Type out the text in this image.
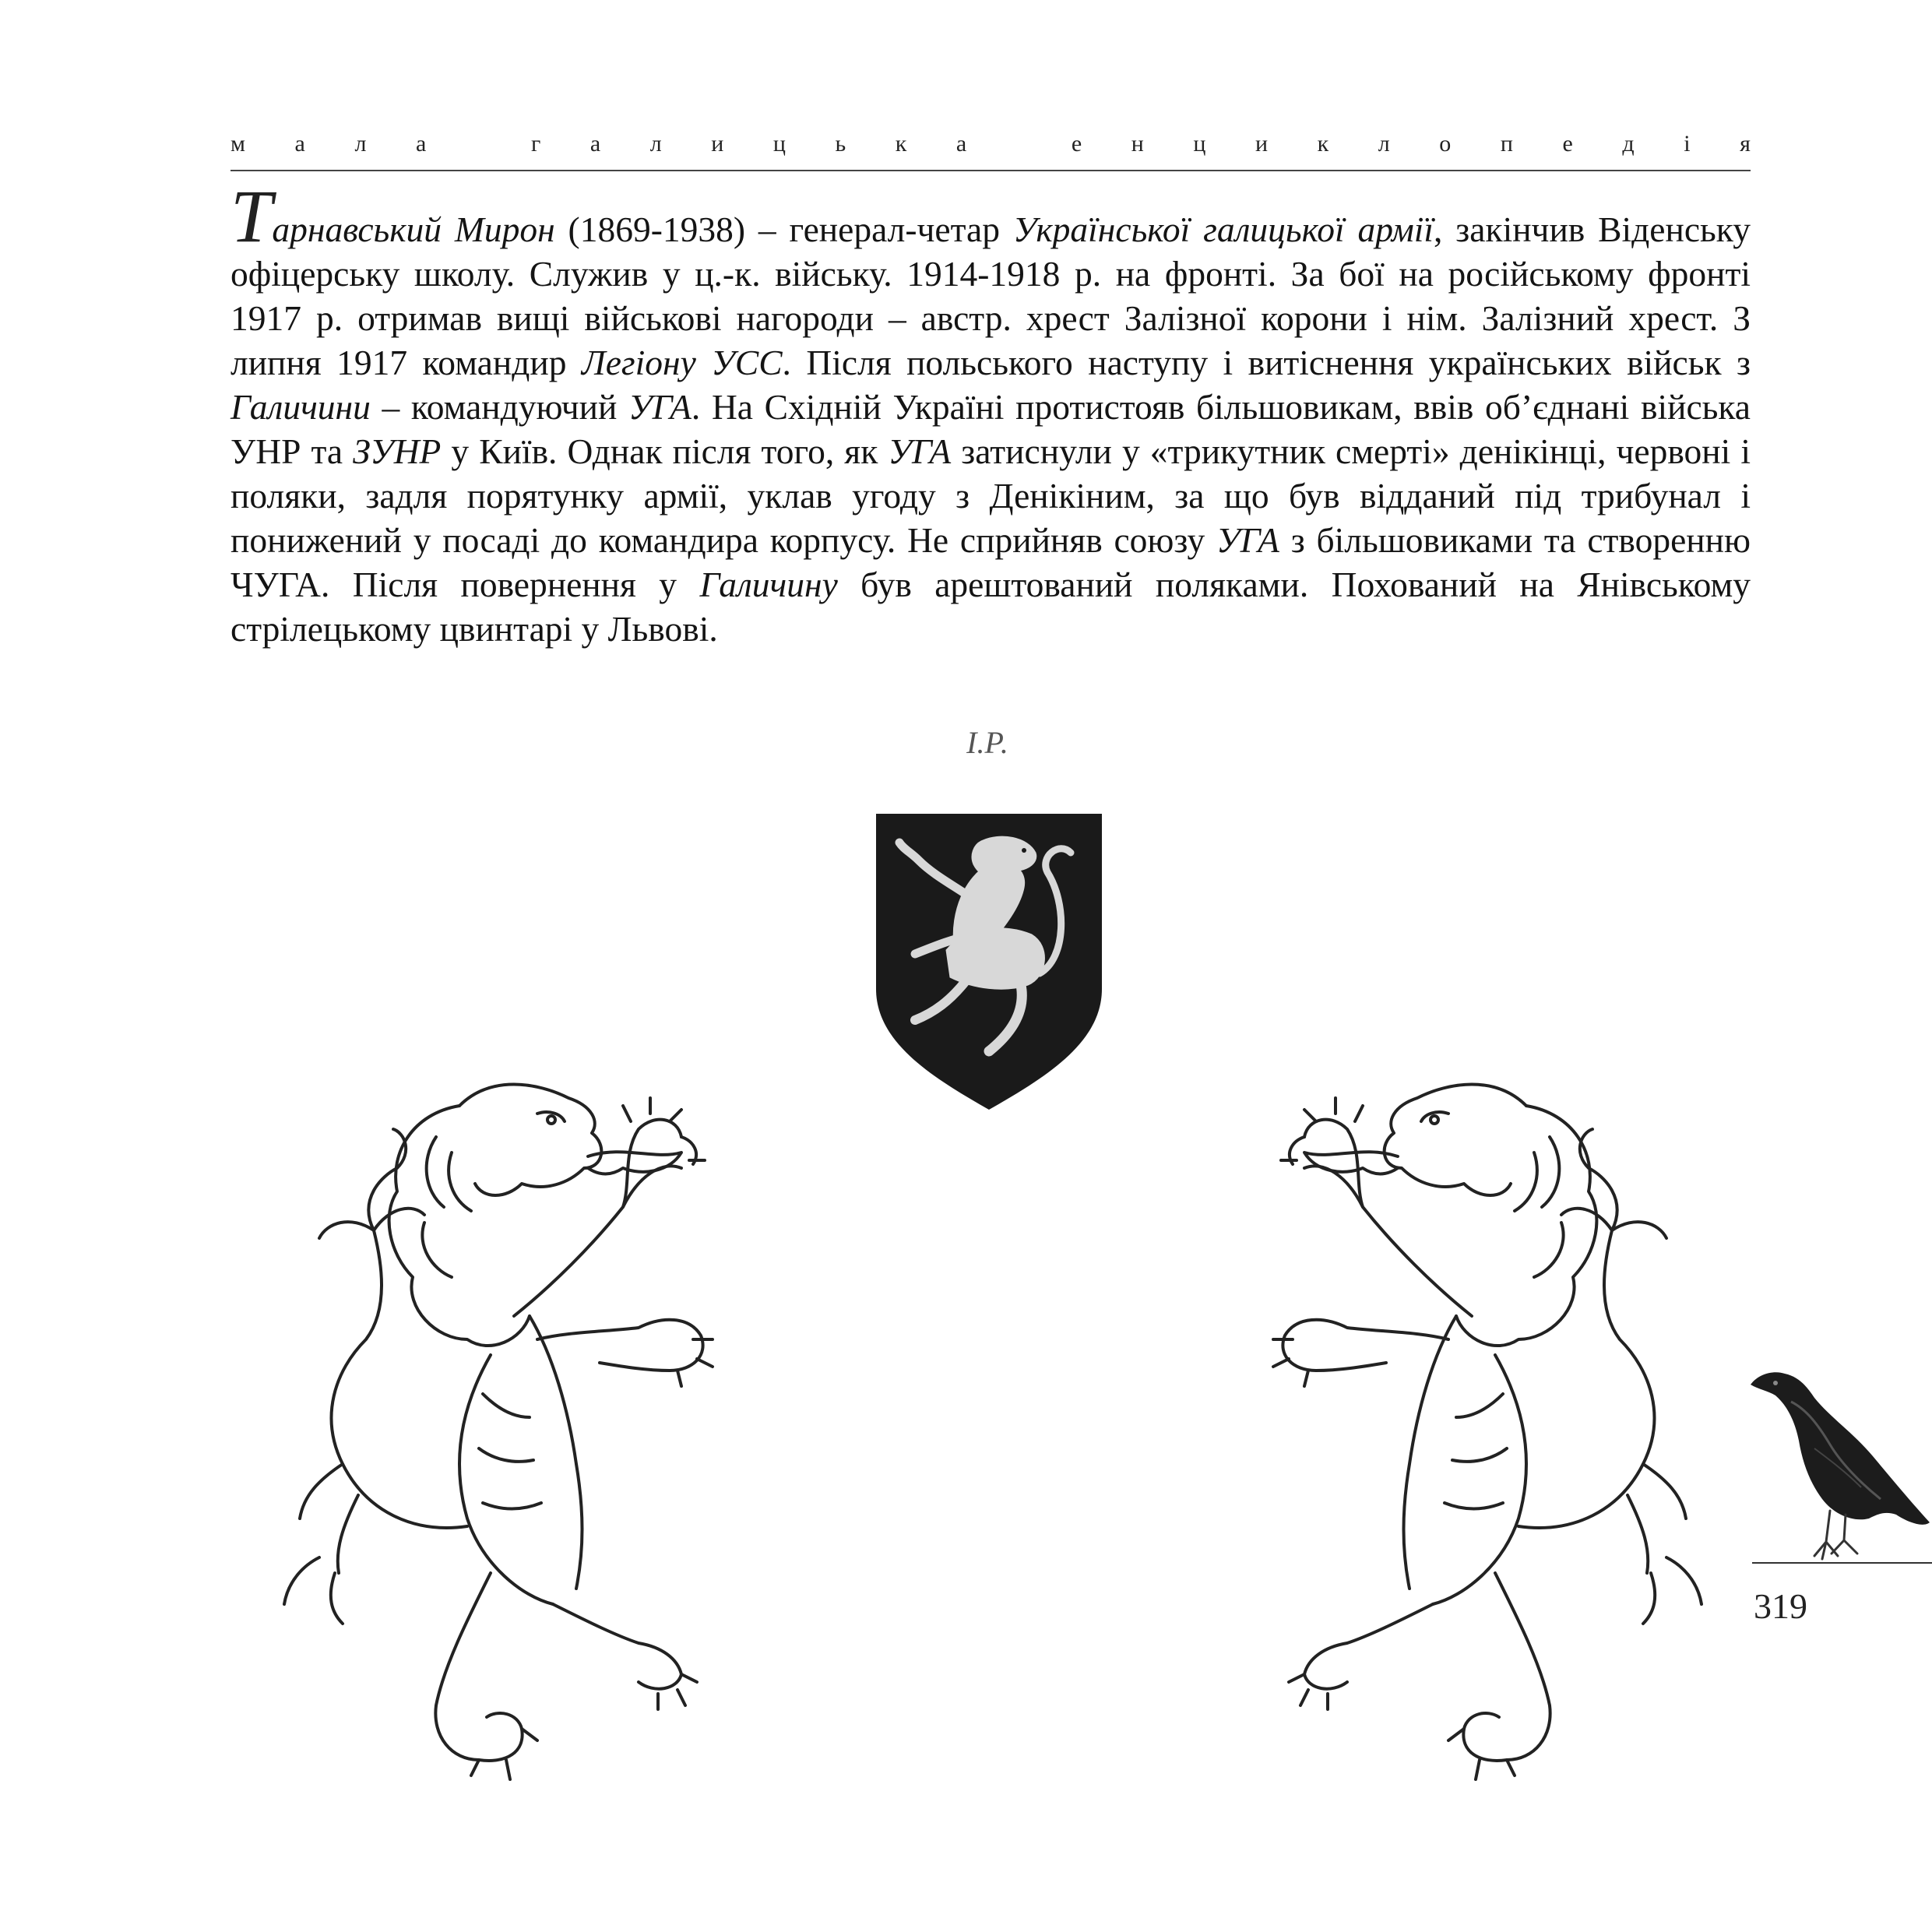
м а л а
	г а л и ц ь к а
	е н ц и к л о п е д і я

Тарнавський Мирон (1869-1938) – генерал-четар Української галицької армії, закінчив Віденську офіцерську школу. Служив у ц.-к. війську. 1914-1918 р. на фронті. За бої на російському фронті 1917 р. отримав вищі військові нагороди – австр. хрест Залізної корони і нім. Залізний хрест. З липня 1917 командир Легіону УСС. Після польського наступу і витіснення українських військ з Галичини – командуючий УГА. На Східній Україні протистояв більшовикам, ввів об’єднані війська УНР та ЗУНР у Київ. Однак після того, як УГА затиснули у «трикутник смерті» денікінці, червоні і поляки, задля порятунку армії, уклав угоду з Денікіним, за що був відданий під трибунал і понижений у посаді до командира корпусу. Не сприйняв союзу УГА з більшовиками та створенню ЧУГА. Після повернення у Галичину був арештований поляками. Похований на Янівському стрілецькому цвинтарі у Львові.

І.Р.
319
